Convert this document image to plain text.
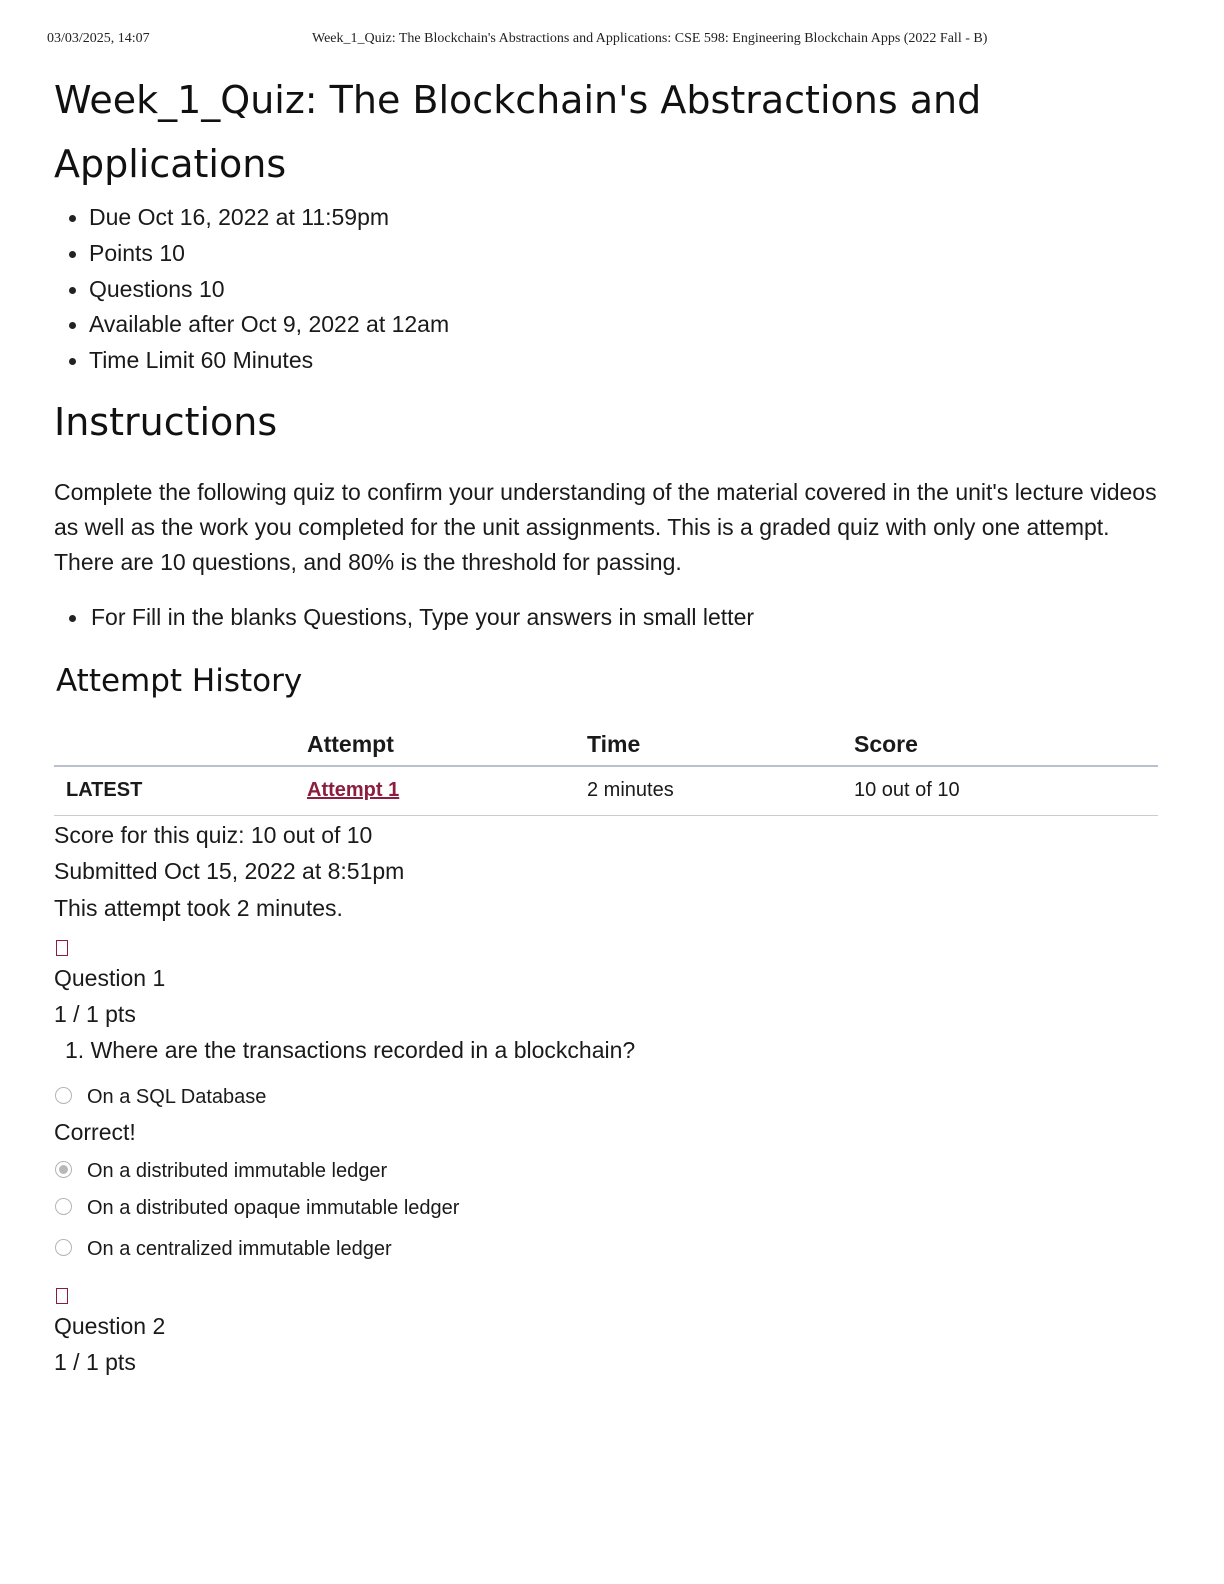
03/03/2025, 14:07	Week_1_Quiz: The Blockchain's Abstractions and Applications: CSE 598: Engineering Blockchain Apps (2022 Fall - B)
Week_1_Quiz: The Blockchain's Abstractions and Applications
Due Oct 16, 2022 at 11:59pm
Points 10
Questions 10
Available after Oct 9, 2022 at 12am
Time Limit 60 Minutes
Instructions

Complete the following quiz to confirm your understanding of the material covered in the unit's lecture videos as well as the work you completed for the unit assignments. This is a graded quiz with only one attempt. There are 10 questions, and 80% is the threshold for passing.

For Fill in the blanks Questions, Type your answers in small letter
Attempt History
	Attempt	Time	Score
LATEST	Attempt 1	2 minutes	10 out of 10

Score for this quiz: 10 out of 10

Submitted Oct 15, 2022 at 8:51pm

This attempt took 2 minutes.

Question 1

1 / 1 pts

1. Where are the transactions recorded in a blockchain?

On a SQL Database

Correct!

On a distributed immutable ledger
On a distributed opaque immutable ledger
On a centralized immutable ledger

Question 2

1 / 1 pts
